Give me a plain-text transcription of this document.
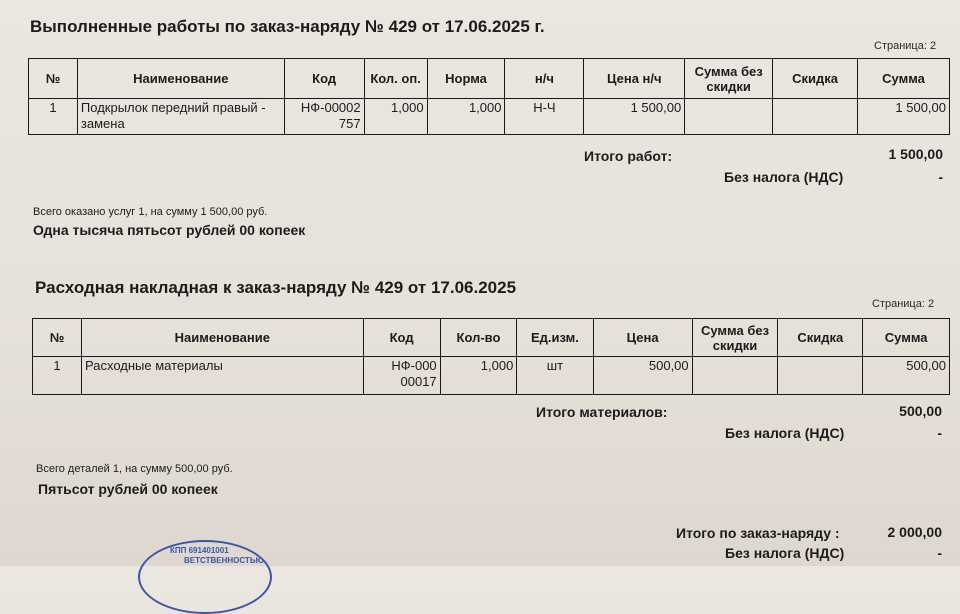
Выполненные работы по заказ-наряду № 429 от 17.06.2025 г.
Страница: 2
№	Наименование	Код	Кол. оп.	Норма	н/ч	Цена н/ч	Сумма без скидки	Скидка	Сумма
1	Подкрылок передний правый - замена	НФ-00002 757	1,000	1,000	Н-Ч	1 500,00			1 500,00
Итого работ:	1 500,00
Без налога (НДС)	-
Всего оказано услуг 1, на сумму 1 500,00 руб.
Одна тысяча пятьсот рублей 00 копеек
Расходная накладная к заказ-наряду № 429 от 17.06.2025
Страница: 2
№	Наименование	Код	Кол-во	Ед.изм.	Цена	Сумма без скидки	Скидка	Сумма
1	Расходные материалы	НФ-000 00017	1,000	шт	500,00			500,00
Итого материалов:	500,00
Без налога (НДС)	-
Всего деталей 1, на сумму 500,00 руб.
Пятьсот рублей 00 копеек
Итого по заказ-наряду :	2 000,00
Без налога (НДС)	-
КПП 691401001
ВЕТСТВЕННОСТЬЮ
